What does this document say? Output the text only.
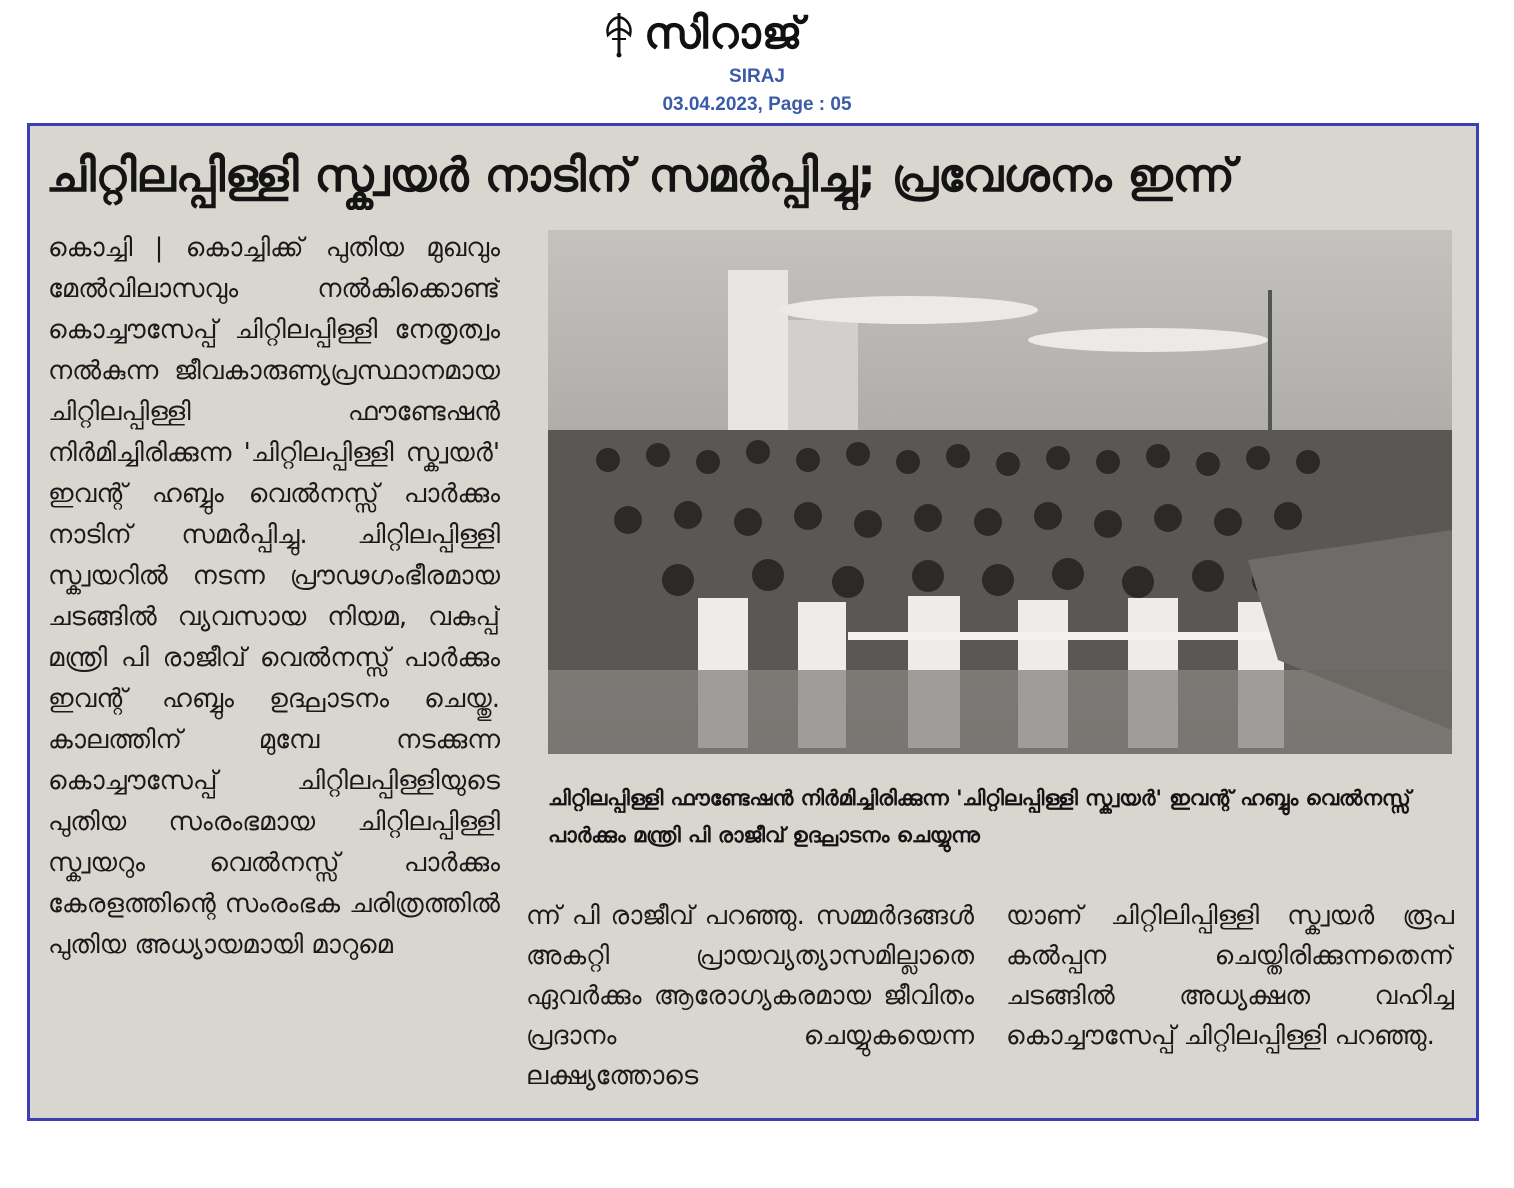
സിറാജ്
SIRAJ
03.04.2023, Page : 05
ചിറ്റിലപ്പിള്ളി സ്ക്വയർ നാടിന് സമർപ്പിച്ചു; പ്രവേശനം ഇന്ന്
കൊച്ചി | കൊച്ചിക്ക് പുതിയ മുഖവും മേൽവിലാസവും നൽകിക്കൊണ്ട് കൊച്ചൗസേപ്പ് ചിറ്റിലപ്പിള്ളി നേതൃത്വം നൽകുന്ന ജീവകാരുണ്യപ്രസ്ഥാനമായ ചിറ്റിലപ്പിള്ളി ഫൗണ്ടേഷൻ നിർമിച്ചിരിക്കുന്ന 'ചിറ്റിലപ്പിള്ളി സ്ക്വയർ' ഇവന്റ് ഹബ്ബും വെൽനസ്സ് പാർക്കും നാടിന് സമർപ്പിച്ചു. ചിറ്റിലപ്പിള്ളി സ്ക്വയറിൽ നടന്ന പ്രൗഢഗംഭീരമായ ചടങ്ങിൽ വ്യവസായ നിയമ, വകുപ്പ് മന്ത്രി പി രാജീവ് വെൽനസ്സ് പാർക്കും ഇവന്റ് ഹബ്ബും ഉദ്ഘാടനം ചെയ്തു. കാലത്തിന് മുമ്പേ നടക്കുന്ന കൊച്ചൗസേപ്പ് ചിറ്റിലപ്പിള്ളിയുടെ പുതിയ സംരംഭമായ ചിറ്റിലപ്പിള്ളി സ്ക്വയറും വെൽനസ്സ് പാർക്കും കേരളത്തിന്റെ സംരംഭക ചരിത്രത്തിൽ പുതിയ അധ്യായമായി മാറുമെ
ചിറ്റിലപ്പിള്ളി ഫൗണ്ടേഷൻ നിർമിച്ചിരിക്കുന്ന 'ചിറ്റിലപ്പിള്ളി സ്ക്വയർ' ഇവന്റ് ഹബ്ബും വെൽനസ്സ് പാർക്കും മന്ത്രി പി രാജീവ് ഉദ്ഘാടനം ചെയ്യുന്നു
ന്ന് പി രാജീവ് പറഞ്ഞു. സമ്മർദങ്ങൾ അകറ്റി പ്രായവ്യത്യാസമില്ലാതെ ഏവർക്കും ആരോഗ്യകരമായ ജീവിതം പ്രദാനം ചെയ്യുകയെന്ന ലക്ഷ്യത്തോടെ
യാണ് ചിറ്റിലിപ്പിള്ളി സ്ക്വയർ രൂപ കൽപ്പന ചെയ്തിരിക്കുന്നതെന്ന് ചടങ്ങിൽ അധ്യക്ഷത വഹിച്ച കൊച്ചൗസേപ്പ് ചിറ്റിലപ്പിള്ളി പറഞ്ഞു.
